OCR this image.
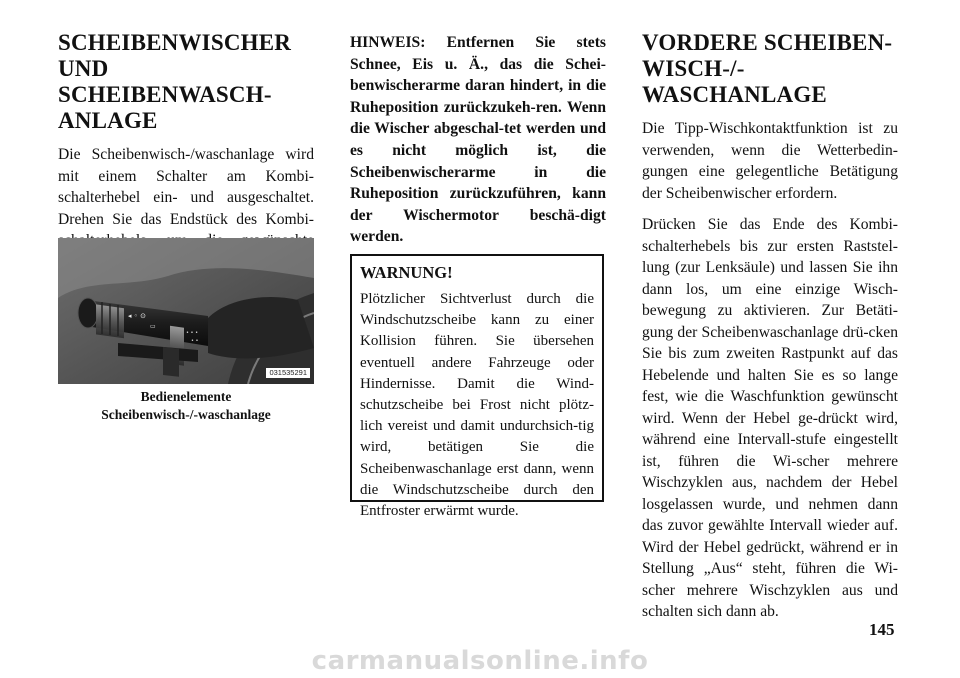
SCHEIBENWISCHER
UND SCHEIBENWASCH-
ANLAGE

Die Scheibenwisch-/waschanlage wird mit einem Schalter am Kombi-schalterhebel ein- und ausgeschaltet. Drehen Sie das Endstück des Kombi-

◂ ◦ ⊙
▭
• • •
• •
031535291
Bedienelemente
Scheibenwisch-/-waschanlage
HINWEIS: Entfernen Sie stets Schnee, Eis u. Ä., das die Schei-benwischerarme daran hindert, in die Ruheposition zurückzukeh-ren. Wenn die Wischer abgeschal-tet werden und es nicht möglich ist, die Scheibenwischerarme in die Ruheposition zurückzuführen, kann der Wischermotor beschä-digt werden.
WARNUNG!

Plötzlicher Sichtverlust durch die Windschutzscheibe kann zu einer Kollision führen. Sie übersehen eventuell andere Fahrzeuge oder Hindernisse. Damit die Wind-schutzscheibe bei Frost nicht plötz-lich vereist und damit undurchsich-tig wird, betätigen Sie die Scheibenwaschanlage erst dann, wenn die Windschutzscheibe durch den Entfroster erwärmt wurde.

VORDERE SCHEIBEN-
WISCH-/-WASCHANLAGE

Die Tipp-Wischkontaktfunktion ist zu verwenden, wenn die Wetterbedin-gungen eine gelegentliche Betätigung der Scheibenwischer erfordern.

Drücken Sie das Ende des Kombi-schalterhebels bis zur ersten Raststel-lung (zur Lenksäule) und lassen Sie ihn dann los, um eine einzige Wisch-bewegung zu aktivieren. Zur Betäti-gung der Scheibenwaschanlage drü-cken Sie bis zum zweiten Rastpunkt auf das Hebelende und halten Sie es so lange fest, wie die Waschfunktion gewünscht wird. Wenn der Hebel ge-drückt wird, während eine Intervall-stufe eingestellt ist, führen die Wi-scher mehrere Wischzyklen aus, nachdem der Hebel losgelassen wurde, und nehmen dann das zuvor gewählte Intervall wieder auf. Wird der Hebel gedrückt, während er in Stellung „Aus“ steht, führen die Wi-scher mehrere Wischzyklen aus und schalten sich dann ab.

145
carmanualsonline.info
